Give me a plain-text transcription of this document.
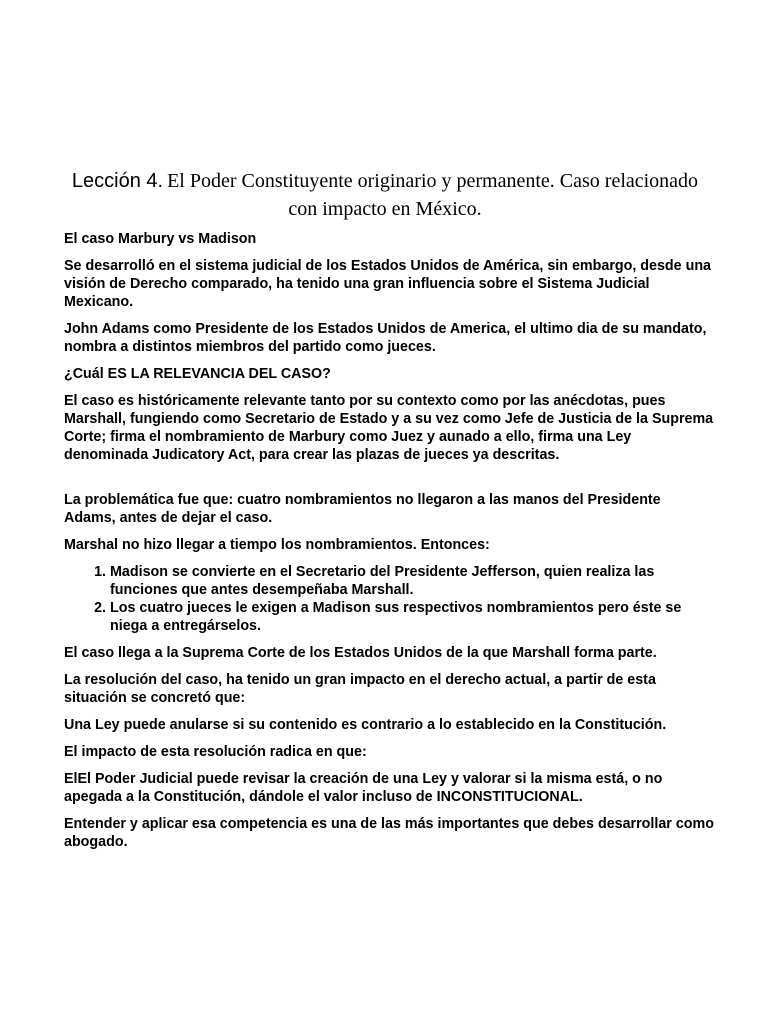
Lección 4. El Poder Constituyente originario y permanente. Caso relacionado con impacto en México.

El caso Marbury vs Madison

Se desarrolló en el sistema judicial de los Estados Unidos de América, sin embargo, desde una visión de Derecho comparado, ha tenido una gran influencia sobre el Sistema Judicial Mexicano.

John Adams como Presidente de los Estados Unidos de America, el ultimo dia de su mandato, nombra a distintos miembros del partido como jueces.

¿Cuál ES LA RELEVANCIA DEL CASO?

El caso es históricamente relevante tanto por su contexto como por las anécdotas, pues Marshall, fungiendo como Secretario de Estado y a su vez como Jefe de Justicia de la Suprema Corte; firma el nombramiento de Marbury como Juez y aunado a ello, firma una Ley denominada Judicatory Act, para crear las plazas de jueces ya descritas.

La problemática fue que: cuatro nombramientos no llegaron a las manos del Presidente Adams, antes de dejar el caso.

Marshal no hizo llegar a tiempo los nombramientos. Entonces:

1. Madison se convierte en el Secretario del Presidente Jefferson, quien realiza las funciones que antes desempeñaba Marshall.
2. Los cuatro jueces le exigen a Madison sus respectivos nombramientos pero éste se niega a entregárselos.

El caso llega a la Suprema Corte de los Estados Unidos de la que Marshall forma parte.

La resolución del caso, ha tenido un gran impacto en el derecho actual, a partir de esta situación se concretó que:

Una Ley puede anularse si su contenido es contrario a lo establecido en la Constitución.

El impacto de esta resolución radica en que:

ElEl Poder Judicial puede revisar la creación de una Ley y valorar si la misma está, o no apegada a la Constitución, dándole el valor incluso de INCONSTITUCIONAL.

Entender y aplicar esa competencia es una de las más importantes que debes desarrollar como abogado.
